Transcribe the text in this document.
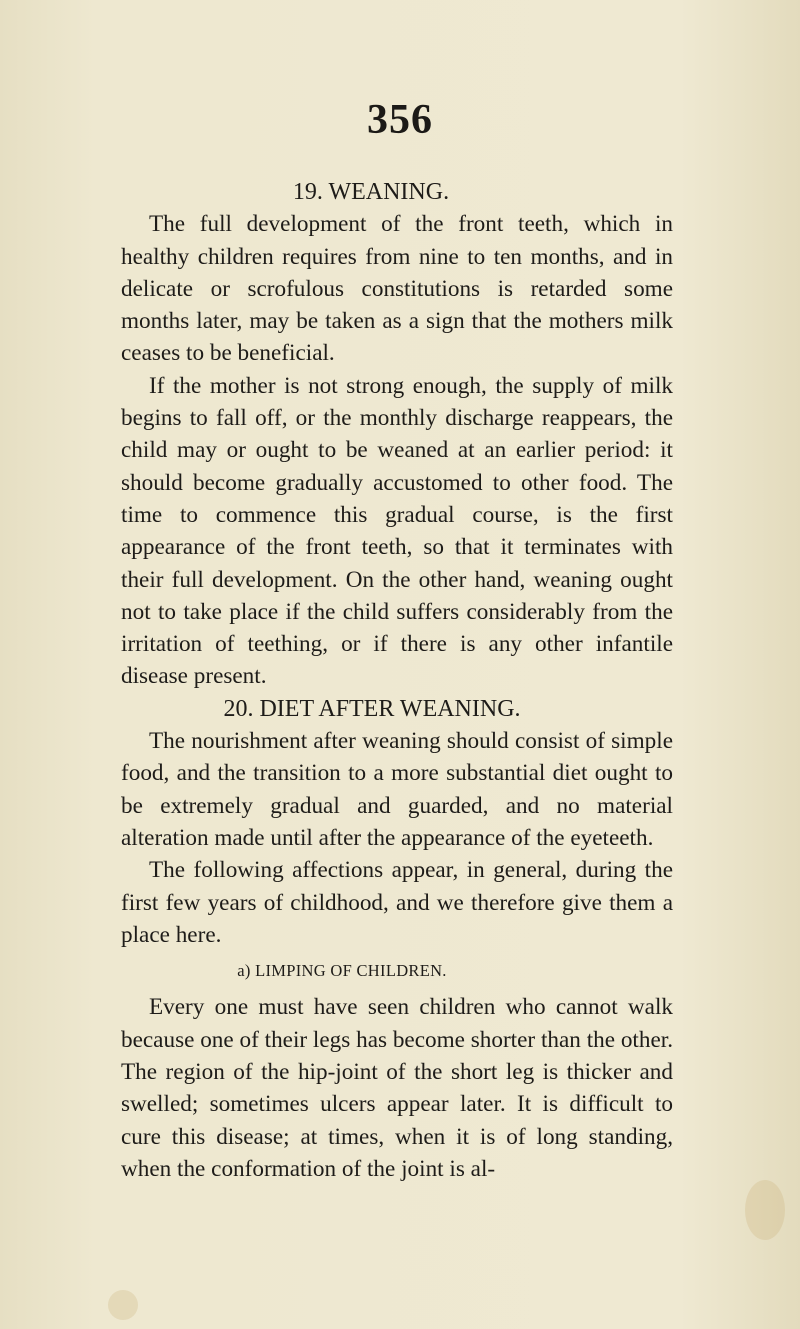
356
19. WEANING.

The full development of the front teeth, which in healthy children requires from nine to ten months, and in delicate or scrofulous constitutions is retarded some months later, may be taken as a sign that the mothers milk ceases to be beneficial.

If the mother is not strong enough, the supply of milk begins to fall off, or the monthly discharge reappears, the child may or ought to be weaned at an earlier period: it should become gradually accustomed to other food. The time to commence this gradual course, is the first appearance of the front teeth, so that it terminates with their full development. On the other hand, weaning ought not to take place if the child suffers considerably from the irritation of teething, or if there is any other infantile disease present.

20. DIET AFTER WEANING.

The nourishment after weaning should consist of simple food, and the transition to a more substantial diet ought to be extremely gradual and guarded, and no material alteration made until after the appearance of the eyeteeth.

The following affections appear, in general, during the first few years of childhood, and we therefore give them a place here.

a) LIMPING OF CHILDREN.

Every one must have seen children who cannot walk because one of their legs has become shorter than the other. The region of the hip-joint of the short leg is thicker and swelled; sometimes ulcers appear later. It is difficult to cure this disease; at times, when it is of long standing, when the conformation of the joint is al-
